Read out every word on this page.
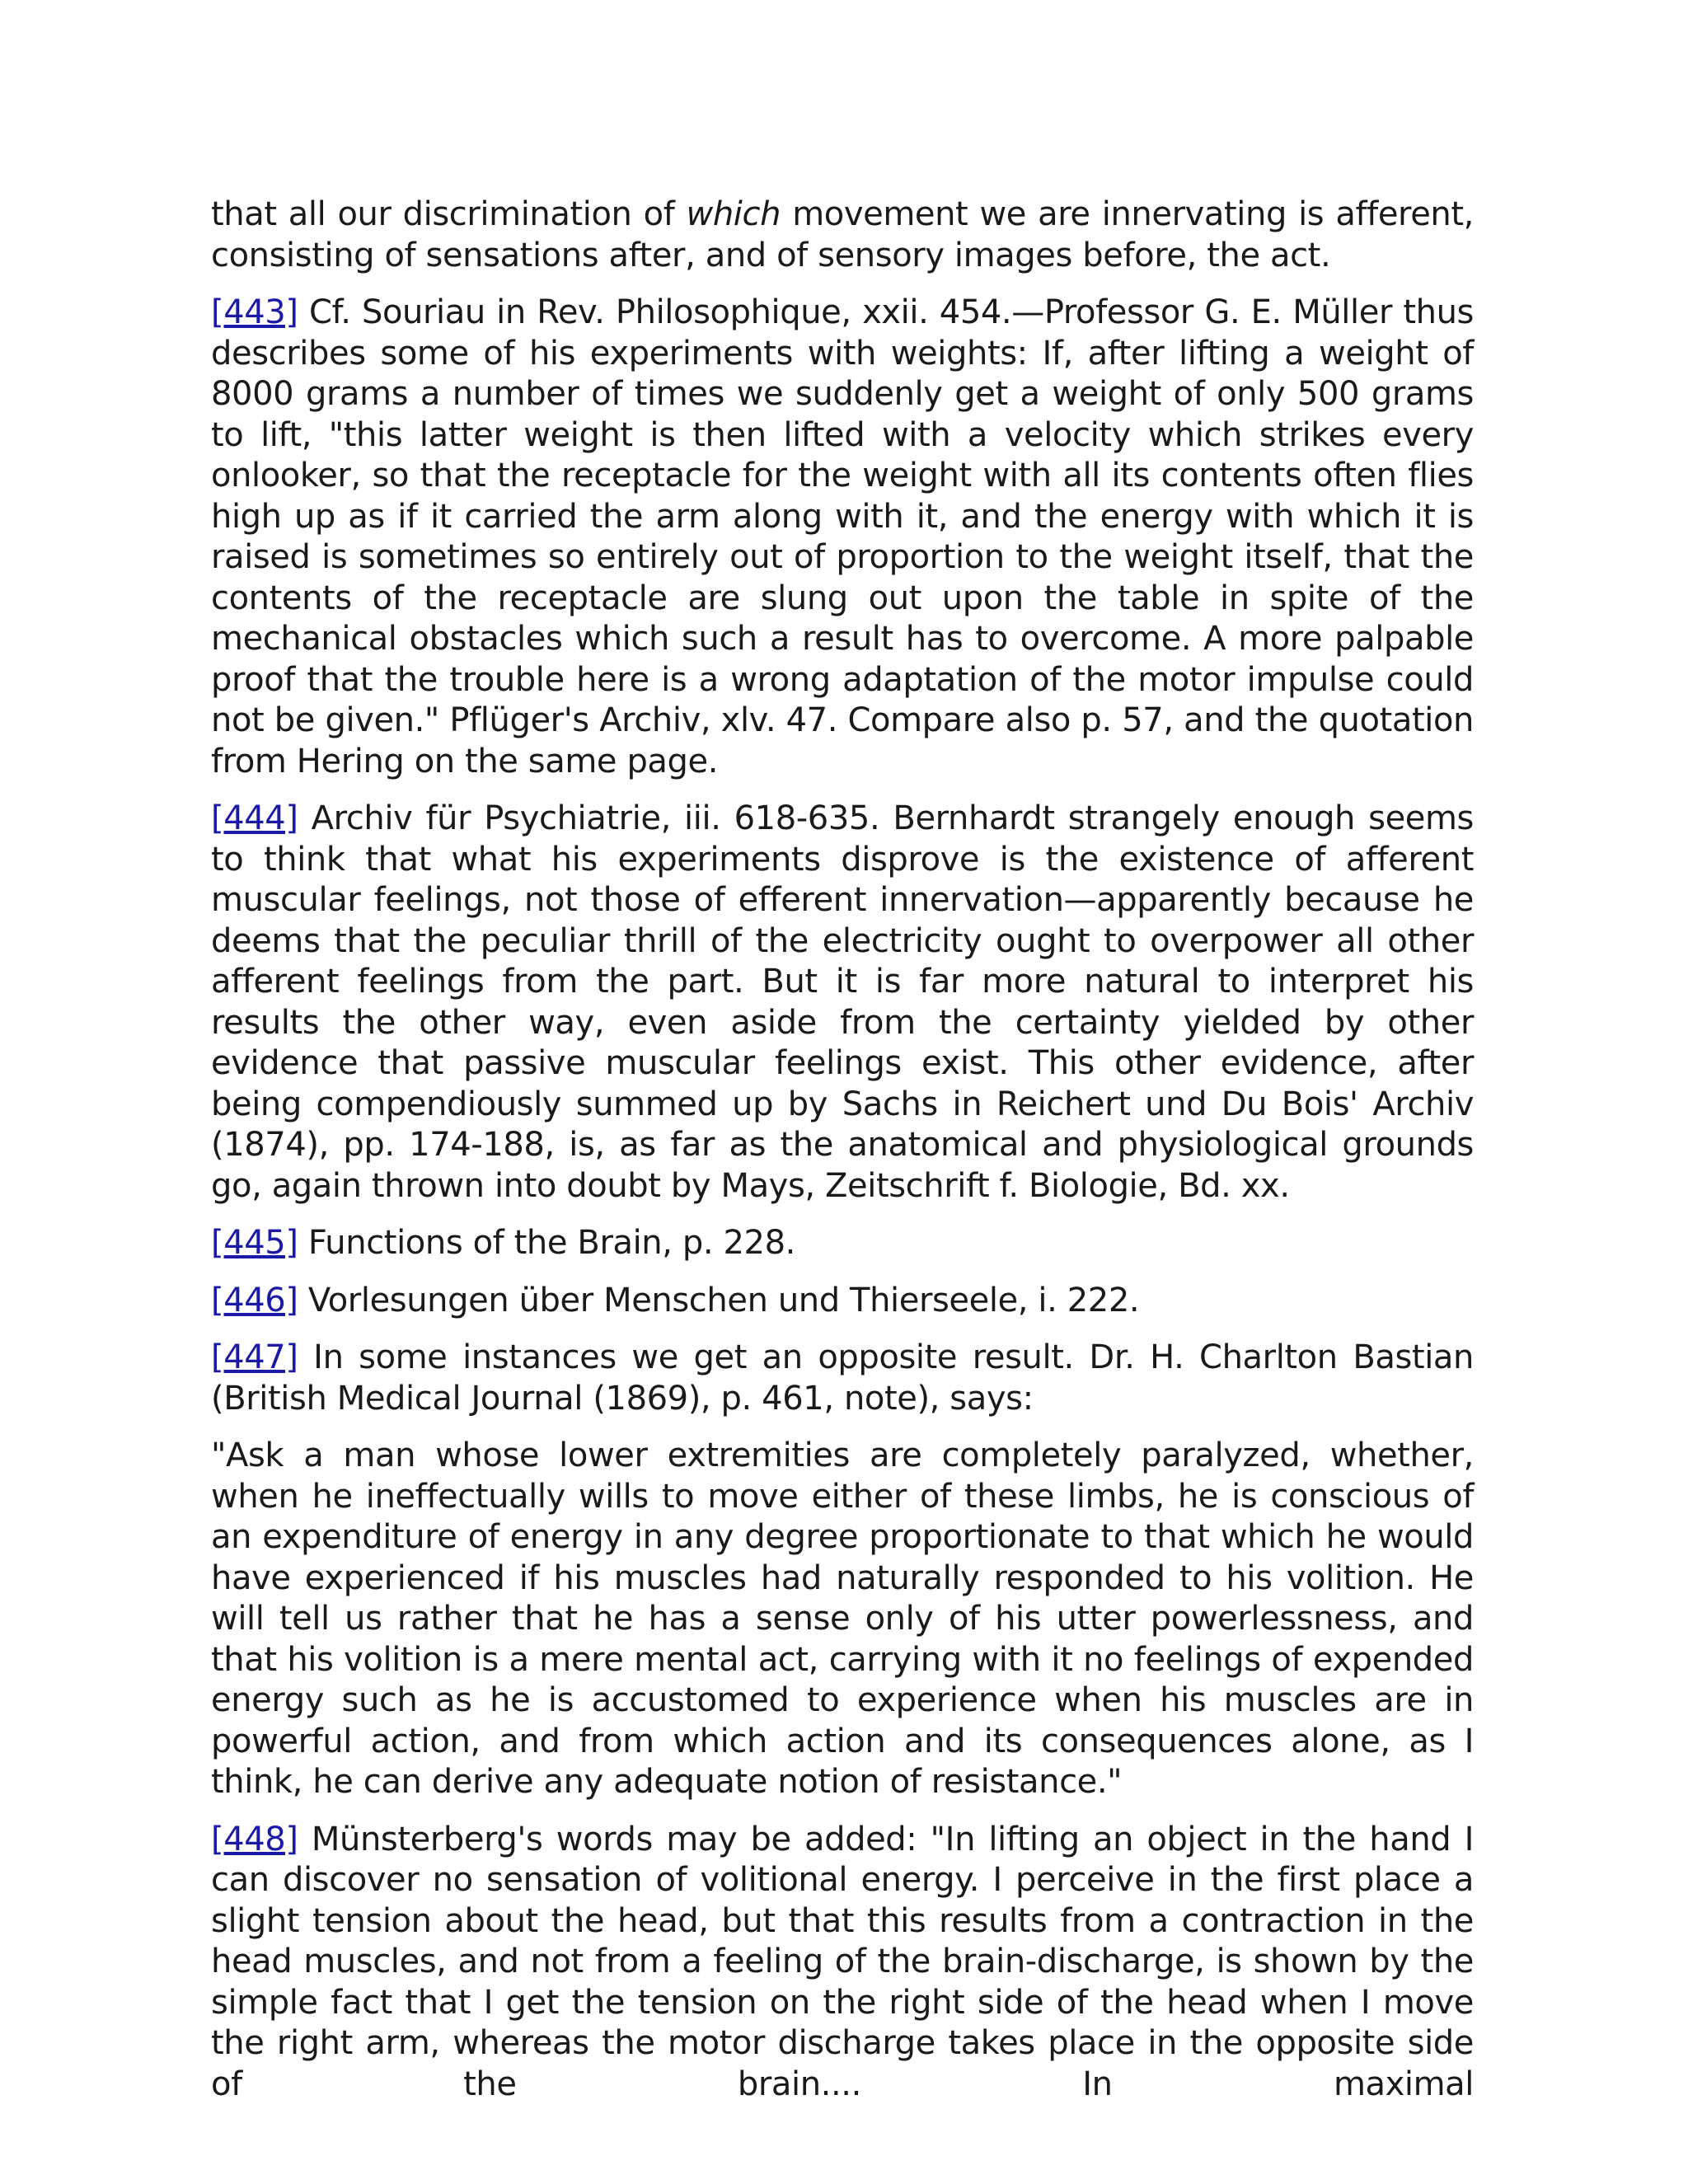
that all our discrimination of which movement we are innervating is afferent, consisting of sensations after, and of sensory images before, the act.

[443] Cf. Souriau in Rev. Philosophique, xxii. 454.—Professor G. E. Müller thus describes some of his experiments with weights: If, after lifting a weight of 8000 grams a number of times we suddenly get a weight of only 500 grams to lift, "this latter weight is then lifted with a velocity which strikes every onlooker, so that the receptacle for the weight with all its contents often flies high up as if it carried the arm along with it, and the energy with which it is raised is sometimes so entirely out of proportion to the weight itself, that the contents of the receptacle are slung out upon the table in spite of the mechanical obstacles which such a result has to overcome. A more palpable proof that the trouble here is a wrong adaptation of the motor impulse could not be given." Pflüger's Archiv, xlv. 47. Compare also p. 57, and the quotation from Hering on the same page.

[444] Archiv für Psychiatrie, iii. 618-635. Bernhardt strangely enough seems to think that what his experiments disprove is the existence of afferent muscular feelings, not those of efferent innervation—apparently because he deems that the peculiar thrill of the electricity ought to overpower all other afferent feelings from the part. But it is far more natural to interpret his results the other way, even aside from the certainty yielded by other evidence that passive muscular feelings exist. This other evidence, after being compendiously summed up by Sachs in Reichert und Du Bois' Archiv (1874), pp. 174-188, is, as far as the anatomical and physiological grounds go, again thrown into doubt by Mays, Zeitschrift f. Biologie, Bd. xx.

[445] Functions of the Brain, p. 228.

[446] Vorlesungen über Menschen und Thierseele, i. 222.

[447] In some instances we get an opposite result. Dr. H. Charlton Bastian (British Medical Journal (1869), p. 461, note), says:

"Ask a man whose lower extremities are completely paralyzed, whether, when he ineffectually wills to move either of these limbs, he is conscious of an expenditure of energy in any degree proportionate to that which he would have experienced if his muscles had naturally responded to his volition. He will tell us rather that he has a sense only of his utter powerlessness, and that his volition is a mere mental act, carrying with it no feelings of expended energy such as he is accustomed to experience when his muscles are in powerful action, and from which action and its consequences alone, as I think, he can derive any adequate notion of resistance."

[448] Münsterberg's words may be added: "In lifting an object in the hand I can discover no sensation of volitional energy. I perceive in the first place a slight tension about the head, but that this results from a contraction in the head muscles, and not from a feeling of the brain-discharge, is shown by the simple fact that I get the tension on the right side of the head when I move the right arm, whereas the motor discharge takes place in the opposite side of the brain.... In maximal
